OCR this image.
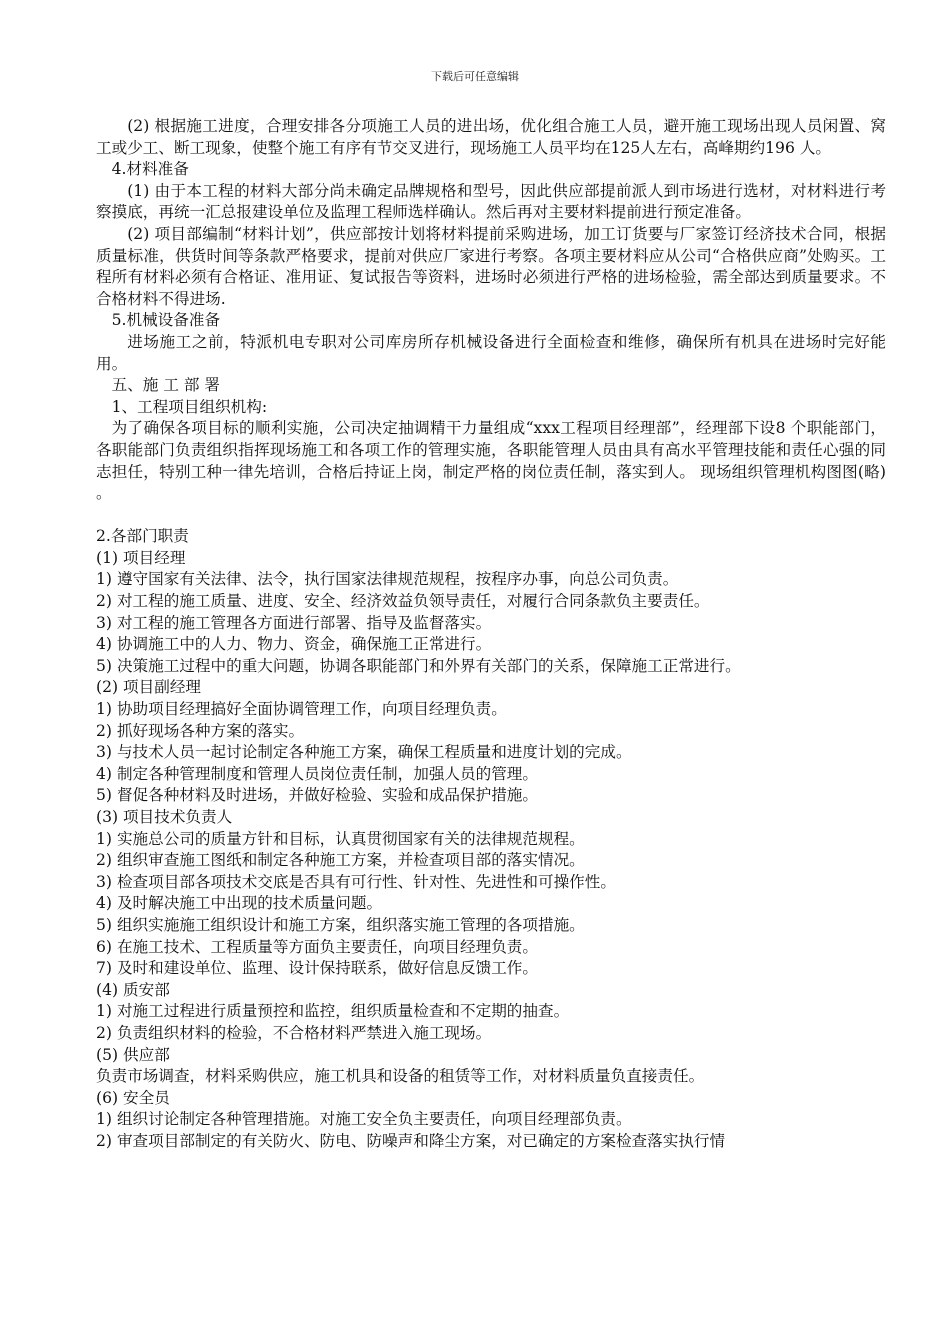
下载后可任意编辑

(2) 根据施工进度，合理安排各分项施工人员的进出场，优化组合施工人员，避开施工现场出现人员闲置、窝工或少工、断工现象，使整个施工有序有节交叉进行，现场施工人员平均在125人左右，高峰期约196 人。

4.材料准备

(1) 由于本工程的材料大部分尚未确定品牌规格和型号，因此供应部提前派人到市场进行选材，对材料进行考察摸底，再统一汇总报建设单位及监理工程师选样确认。然后再对主要材料提前进行预定准备。

(2) 项目部编制“材料计划”，供应部按计划将材料提前采购进场，加工订货要与厂家签订经济技术合同，根据质量标准，供货时间等条款严格要求，提前对供应厂家进行考察。各项主要材料应从公司“合格供应商”处购买。工程所有材料必须有合格证、准用证、复试报告等资料，进场时必须进行严格的进场检验，需全部达到质量要求。不合格材料不得进场.

5.机械设备准备

进场施工之前，特派机电专职对公司库房所存机械设备进行全面检查和维修，确保所有机具在进场时完好能用。

五、施 工 部 署

1、工程项目组织机构:

为了确保各项目标的顺利实施，公司决定抽调精干力量组成“xxx工程项目经理部”，经理部下设8 个职能部门，各职能部门负责组织指挥现场施工和各项工作的管理实施，各职能管理人员由具有高水平管理技能和责任心强的同志担任，特别工种一律先培训，合格后持证上岗，制定严格的岗位责任制，落实到人。 现场组织管理机构图图(略) 。

2.各部门职责

(1) 项目经理

1) 遵守国家有关法律、法令，执行国家法律规范规程，按程序办事，向总公司负责。

2) 对工程的施工质量、进度、安全、经济效益负领导责任，对履行合同条款负主要责任。

3) 对工程的施工管理各方面进行部署、指导及监督落实。

4) 协调施工中的人力、物力、资金，确保施工正常进行。

5) 决策施工过程中的重大问题，协调各职能部门和外界有关部门的关系，保障施工正常进行。

(2) 项目副经理

1) 协助项目经理搞好全面协调管理工作，向项目经理负责。

2) 抓好现场各种方案的落实。

3) 与技术人员一起讨论制定各种施工方案，确保工程质量和进度计划的完成。

4) 制定各种管理制度和管理人员岗位责任制，加强人员的管理。

5) 督促各种材料及时进场，并做好检验、实验和成品保护措施。

(3) 项目技术负责人

1) 实施总公司的质量方针和目标，认真贯彻国家有关的法律规范规程。

2) 组织审查施工图纸和制定各种施工方案，并检查项目部的落实情况。

3) 检查项目部各项技术交底是否具有可行性、针对性、先进性和可操作性。

4) 及时解决施工中出现的技术质量问题。

5) 组织实施施工组织设计和施工方案，组织落实施工管理的各项措施。

6) 在施工技术、工程质量等方面负主要责任，向项目经理负责。

7) 及时和建设单位、监理、设计保持联系，做好信息反馈工作。

(4) 质安部

1) 对施工过程进行质量预控和监控，组织质量检查和不定期的抽查。

2) 负责组织材料的检验，不合格材料严禁进入施工现场。

(5) 供应部

负责市场调查，材料采购供应，施工机具和设备的租赁等工作，对材料质量负直接责任。

(6) 安全员

1) 组织讨论制定各种管理措施。对施工安全负主要责任，向项目经理部负责。

2) 审查项目部制定的有关防火、防电、防噪声和降尘方案，对已确定的方案检查落实执行情
